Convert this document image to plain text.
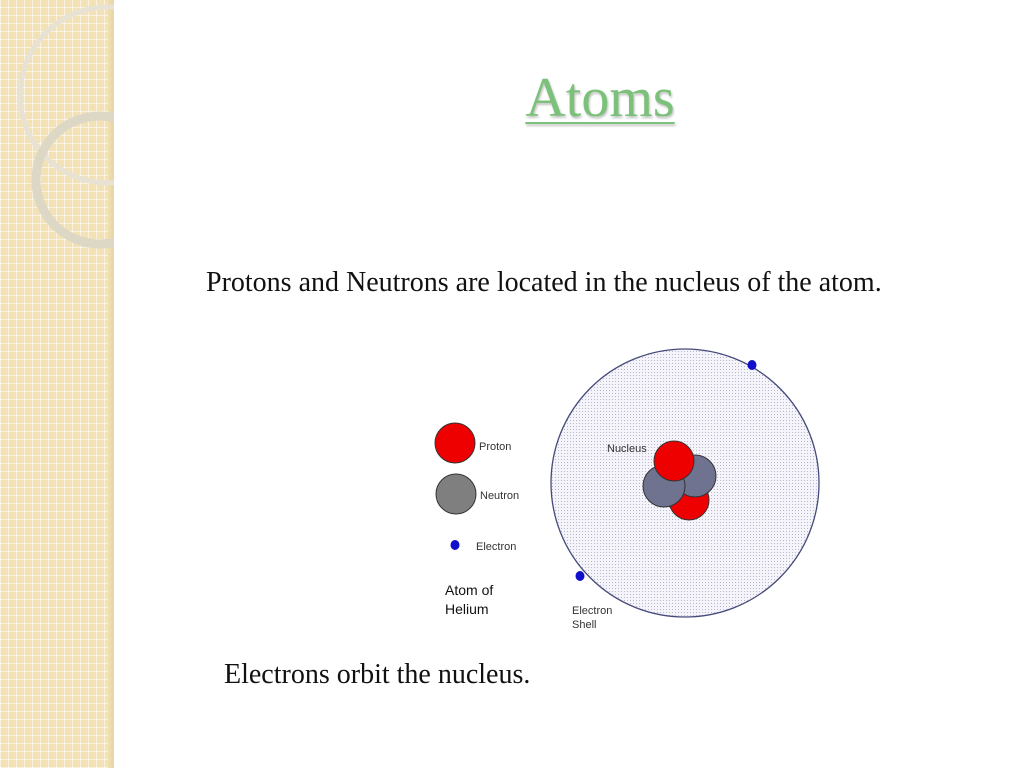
Atoms
Protons and Neutrons are located in the nucleus of the atom.
Nucleus
Electron
Shell
Proton
Neutron
Electron
Atom of
Helium
Electrons orbit the nucleus.
